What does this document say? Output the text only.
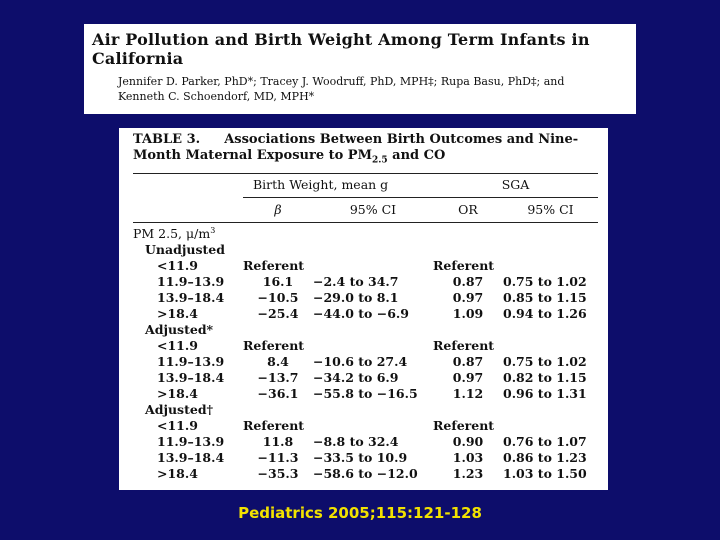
Air Pollution and Birth Weight Among Term Infants in California
Jennifer D. Parker, PhD*; Tracey J. Woodruff, PhD, MPH‡; Rupa Basu, PhD‡; and
Kenneth C. Schoendorf, MD, MPH*
TABLE 3. Associations Between Birth Outcomes and Nine-
Month Maternal Exposure to $PM_{2.5}$ and CO
	Birth Weight, mean g		SGA	
	β	95% CI	OR	95% CI
PM 2.5, $\mu/m^3$
Unadjusted				
<11.9	Referent		Referent	
11.9–13.9	16.1	−2.4 to 34.7	0.87	0.75 to 1.02
13.9–18.4	−10.5	−29.0 to 8.1	0.97	0.85 to 1.15
>18.4	−25.4	−44.0 to −6.9	1.09	0.94 to 1.26
Adjusted*				
<11.9	Referent		Referent	
11.9–13.9	8.4	−10.6 to 27.4	0.87	0.75 to 1.02
13.9–18.4	−13.7	−34.2 to 6.9	0.97	0.82 to 1.15
>18.4	−36.1	−55.8 to −16.5	1.12	0.96 to 1.31
Adjusted†				
<11.9	Referent		Referent	
11.9–13.9	11.8	−8.8 to 32.4	0.90	0.76 to 1.07
13.9–18.4	−11.3	−33.5 to 10.9	1.03	0.86 to 1.23
>18.4	−35.3	−58.6 to −12.0	1.23	1.03 to 1.50
Pediatrics 2005;115:121-128
